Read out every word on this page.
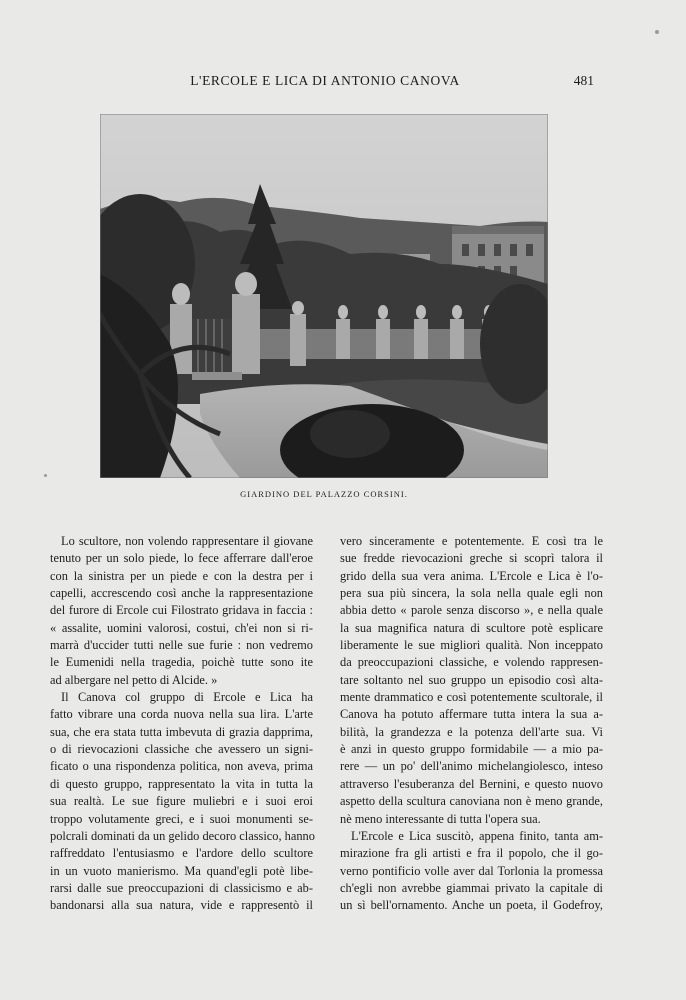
L'ERCOLE E LICA DI ANTONIO CANOVA	481
GIARDINO DEL PALAZZO CORSINI.
Lo scultore, non volendo rappresentare il giovane
tenuto per un solo piede, lo fece afferrare dall'eroe
con la sinistra per un piede e con la destra per i
capelli, accrescendo così anche la rappresentazione
del furore di Ercole cui Filostrato gridava in faccia :
« assalite, uomini valorosi, costui, ch'ei non si ri-
marrà d'uccider tutti nelle sue furie : non vedremo
le Eumenidi nella tragedia, poichè tutte sono ite
ad albergare nel petto di Alcide. »
Il Canova col gruppo di Ercole e Lica ha
fatto vibrare una corda nuova nella sua lira. L'arte
sua, che era stata tutta imbevuta di grazia dapprima,
o di rievocazioni classiche che avessero un signi-
ficato o una rispondenza politica, non aveva, prima
di questo gruppo, rappresentato la vita in tutta la
sua realtà. Le sue figure muliebri e i suoi eroi
troppo volutamente greci, e i suoi monumenti se-
polcrali dominati da un gelido decoro classico, hanno
raffreddato l'entusiasmo e l'ardore dello scultore
in un vuoto manierismo. Ma quand'egli potè libe-
rarsi dalle sue preoccupazioni di classicismo e ab-
bandonarsi alla sua natura, vide e rappresentò il
vero sinceramente e potentemente. E così tra le
sue fredde rievocazioni greche si scoprì talora il
grido della sua vera anima. L'Ercole e Lica è l'o-
pera sua più sincera, la sola nella quale egli non
abbia detto « parole senza discorso », e nella quale
la sua magnifica natura di scultore potè esplicare
liberamente le sue migliori qualità. Non inceppato
da preoccupazioni classiche, e volendo rappresen-
tare soltanto nel suo gruppo un episodio così alta-
mente drammatico e così potentemente scultorale, il
Canova ha potuto affermare tutta intera la sua a-
bilità, la grandezza e la potenza dell'arte sua. Vi
è anzi in questo gruppo formidabile — a mio pa-
rere — un po' dell'animo michelangiolesco, inteso
attraverso l'esuberanza del Bernini, e questo nuovo
aspetto della scultura canoviana non è meno grande,
nè meno interessante di tutta l'opera sua.
L'Ercole e Lica suscitò, appena finito, tanta am-
mirazione fra gli artisti e fra il popolo, che il go-
verno pontificio volle aver dal Torlonia la promessa
ch'egli non avrebbe giammai privato la capitale di
un sì bell'ornamento. Anche un poeta, il Godefroy,
